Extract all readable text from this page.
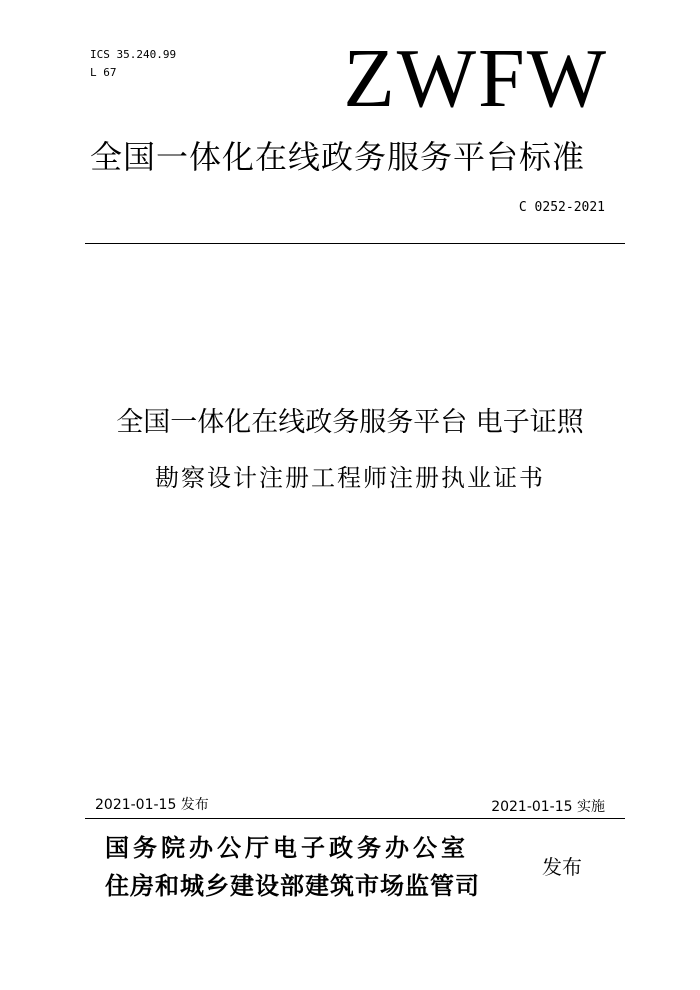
ICS 35.240.99
L 67	ZWFW
全国一体化在线政务服务平台标准
C 0252-2021
全国一体化在线政务服务平台 电子证照
勘察设计注册工程师注册执业证书
2021-01-15 发布	2021-01-15 实施
国务院办公厅电子政务办公室
住房和城乡建设部建筑市场监管司
发布
